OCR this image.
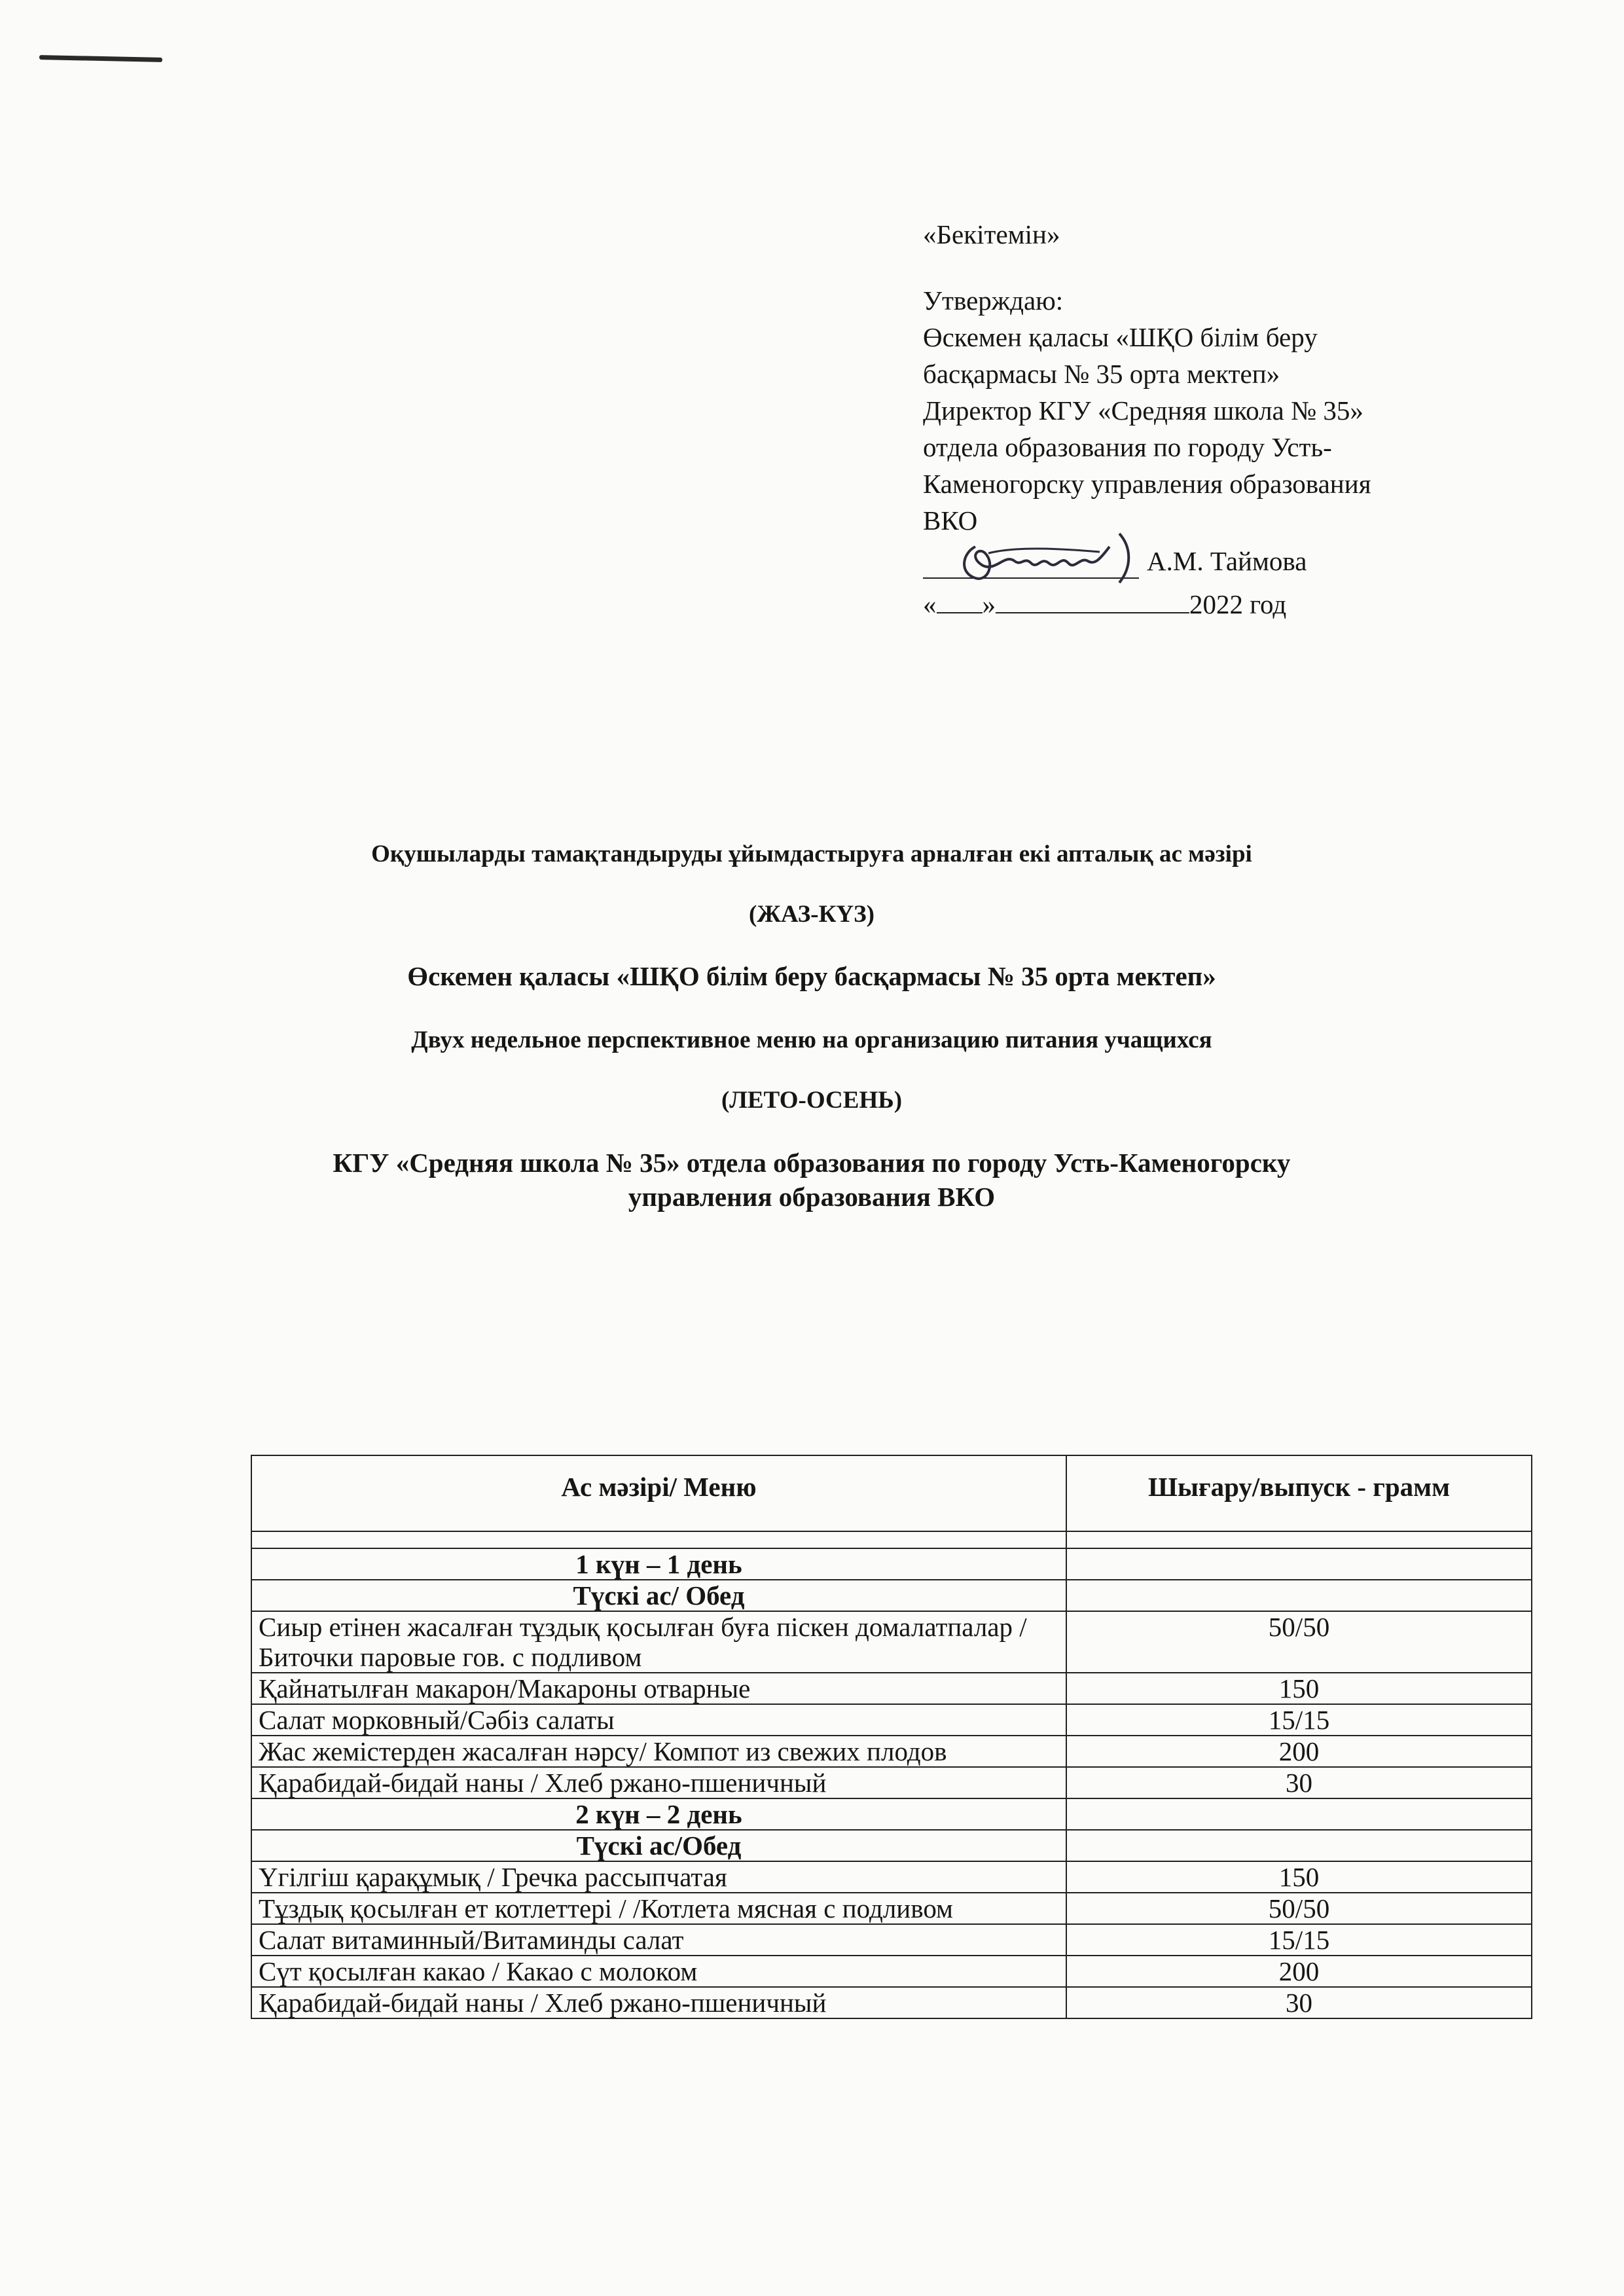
«Бекітемін»

Утверждаю:

Өскемен қаласы «ШҚО білім беру

басқармасы № 35 орта мектеп»

Директор КГУ «Средняя школа № 35»

отдела образования по городу Усть-

Каменогорску управления образования

ВКО

А.М. Таймова

« »	2022 год

Оқушыларды тамақтандыруды ұйымдастыруға арналған екі апталық ас мәзірі

(ЖАЗ-КҮЗ)

Өскемен қаласы «ШҚО білім беру басқармасы № 35 орта мектеп»

Двух недельное перспективное меню на организацию питания учащихся

(ЛЕТО-ОСЕНЬ)

КГУ «Средняя школа № 35» отдела образования по городу Усть-Каменогорску управления образования ВКО

Ас мәзірі/ Меню	Шығару/выпуск - грамм

1 күн – 1 день	
Түскі ас/ Обед	
Сиыр етінен жасалған тұздық қосылған буға піскен домалатпалар / Биточки паровые гов. с подливом	50/50
Қайнатылған макарон/Макароны отварные	150
Салат морковный/Сәбіз салаты	15/15
Жас жемістерден жасалған нәрсу/ Компот из свежих плодов	200
Қарабидай-бидай наны / Хлеб ржано-пшеничный	30
2 күн – 2 день	
Түскі ас/Обед	
Үгілгіш қарақұмық / Гречка рассыпчатая	150
Тұздық қосылған ет котлеттері / /Котлета мясная с подливом	50/50
Салат витаминный/Витаминды салат	15/15
Сүт қосылған какао / Какао с молоком	200
Қарабидай-бидай наны / Хлеб ржано-пшеничный	30
